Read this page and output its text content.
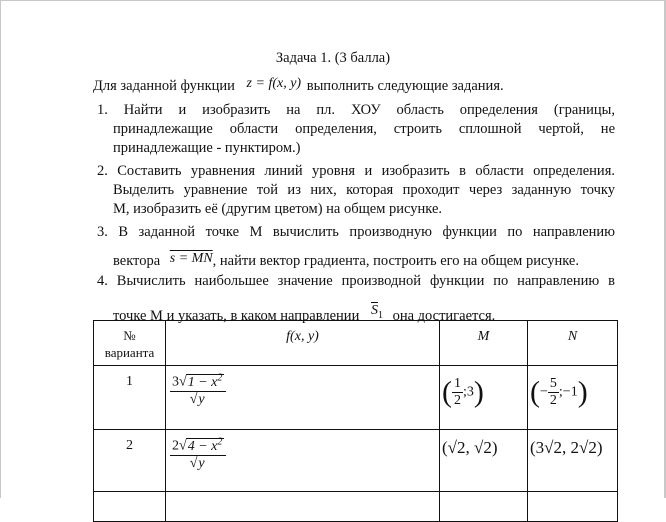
Задача 1. (3 балла)
Для заданной функции z = f(x, y) выполнить следующие задания.
1. Найти и изобразить на пл. ХОУ область определения (границы,
принадлежащие области определения, строить сплошной чертой, не
принадлежащие - пунктиром.)
2. Составить уравнения линий уровня и изобразить в области определения.
Выделить уравнение той из них, которая проходит через заданную точку
М, изобразить её (другим цветом) на общем рисунке.
3. В заданной точке М вычислить производную функции по направлению
вектора s = MN, найти вектор градиента, построить его на общем рисунке.
4. Вычислить наибольшее значение производной функции по направлению в
точке М и указать, в каком направлении $\overline{S}_1$ она достигается.
№
варианта	f(x, y)	M	N

1	$\frac{3√1 - x^2}{√y}$	( $\frac{1}{2}$ ;3)	(− $\frac{5}{2}$ ;−1)
2	$\frac{2√4 - x^2}{√y}$	(√2, √2)	(3√2, 2√2)
